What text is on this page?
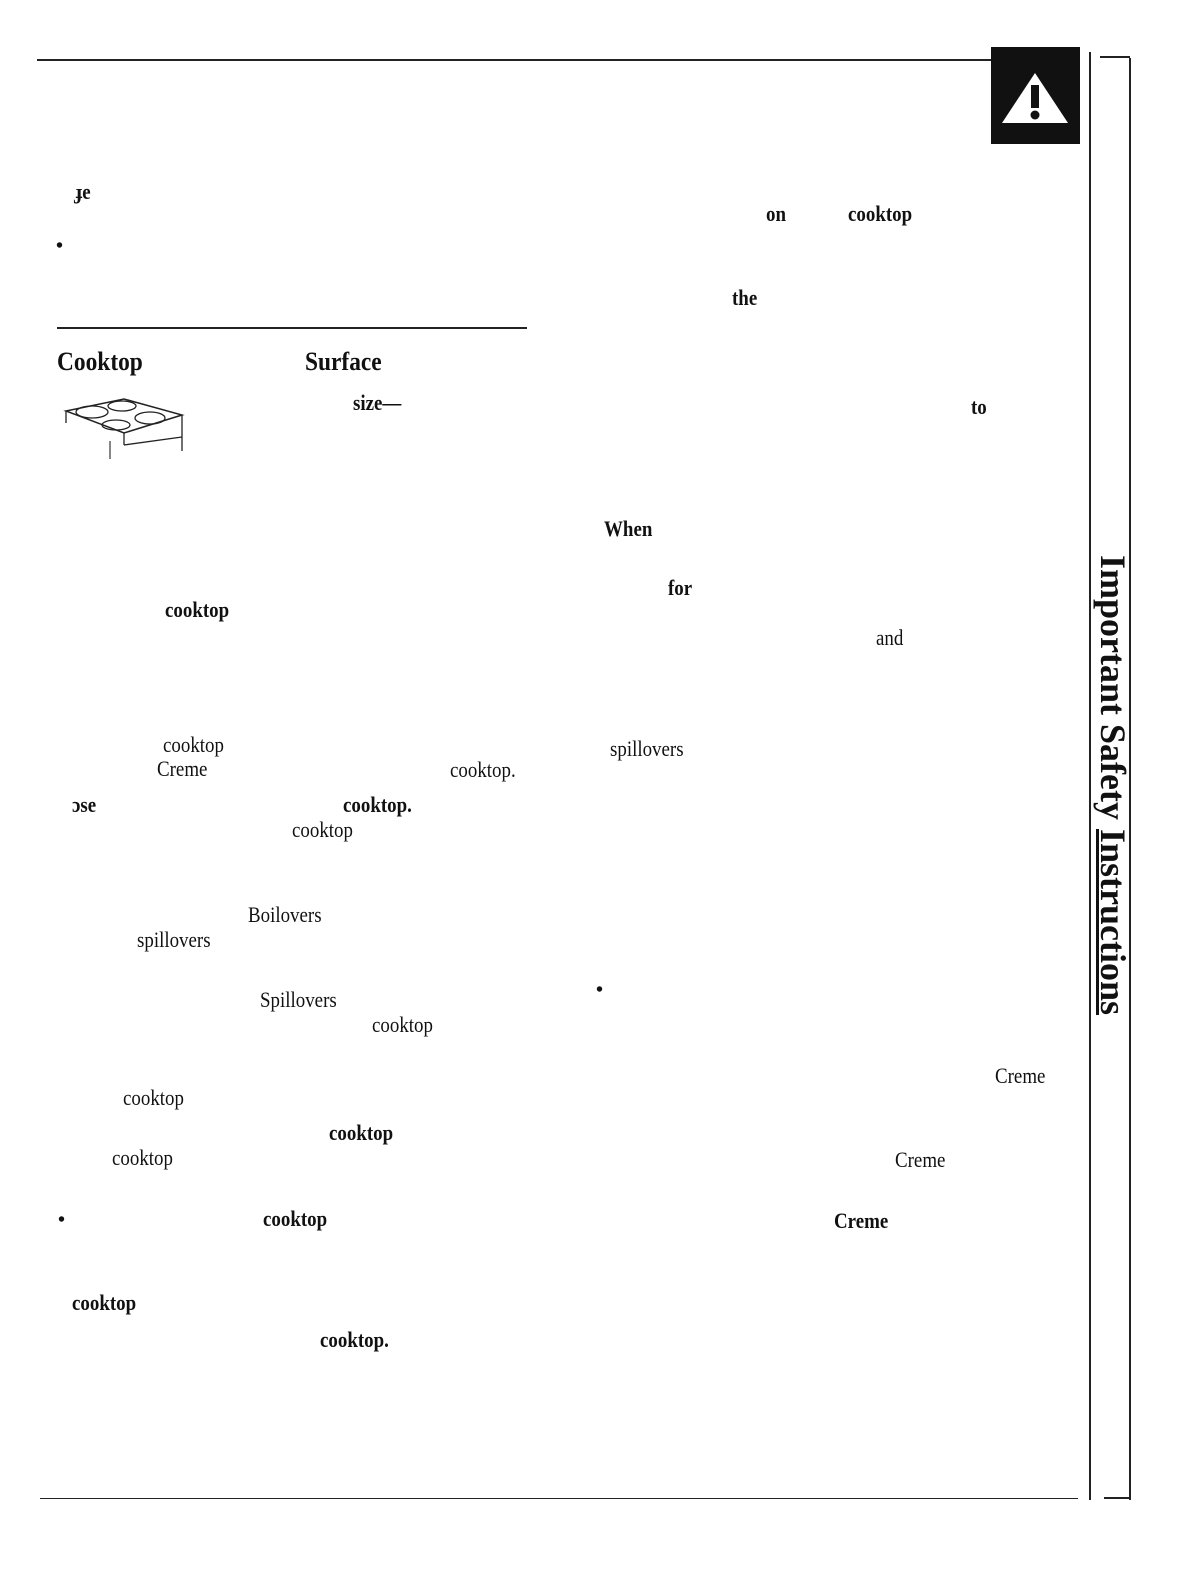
Important Safety Instructions
ɟe
•
Cooktop	Surface
size—
cooktop
cooktop
Creme	cooktop.
ɔse	cooktop.
cooktop
Boilovers
spillovers
Spillovers
cooktop
cooktop
cooktop
cooktop
•	cooktop
cooktop
cooktop.
on	cooktop
the
to
When
for
and
spillovers
•
Creme
Creme
Creme
